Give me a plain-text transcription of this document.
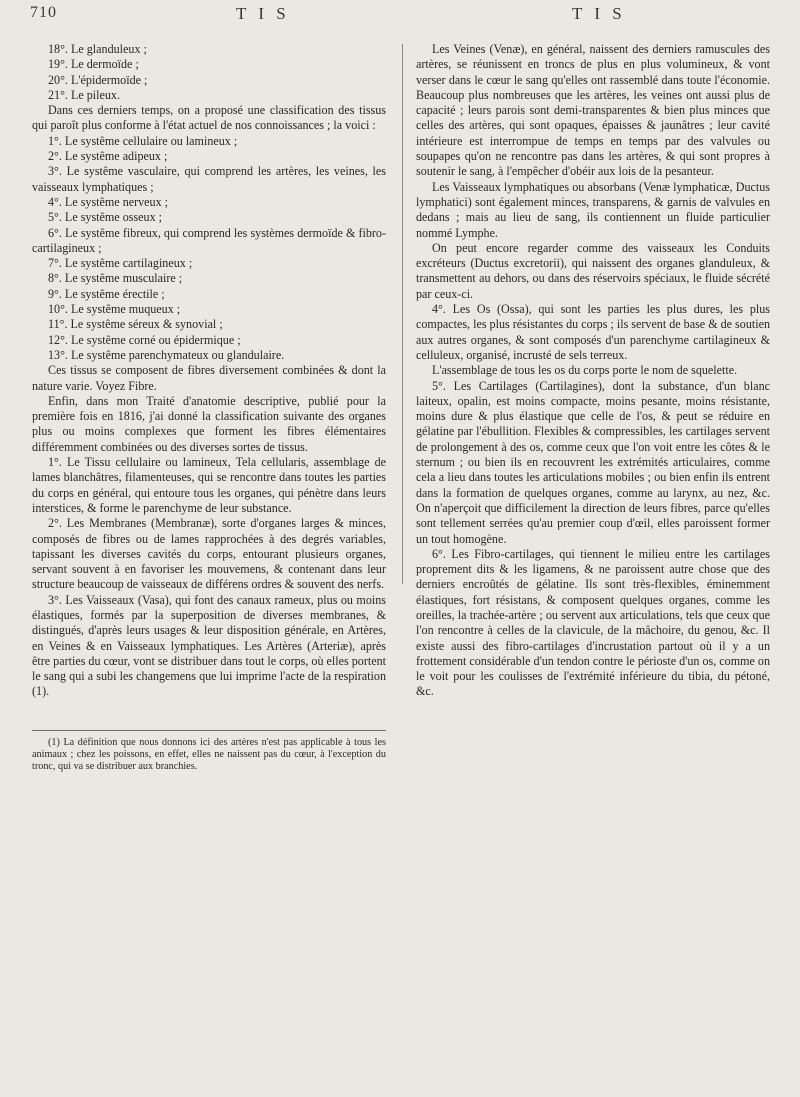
710	T I S	T I S

18°. Le glanduleux ;

19°. Le dermoïde ;

20°. L'épidermoïde ;

21°. Le pileux.

Dans ces derniers temps, on a proposé une classification des tissus qui paroît plus conforme à l'état actuel de nos connoissances ; la voici :

1°. Le systême cellulaire ou lamineux ;

2°. Le systême adipeux ;

3°. Le systême vasculaire, qui comprend les artères, les veines, les vaisseaux lymphatiques ;

4°. Le systême nerveux ;

5°. Le systême osseux ;

6°. Le systême fibreux, qui comprend les systèmes dermoïde & fibro-cartilagineux ;

7°. Le systême cartilagineux ;

8°. Le systême musculaire ;

9°. Le systême érectile ;

10°. Le systême muqueux ;

11°. Le systême séreux & synovial ;

12°. Le systême corné ou épidermique ;

13°. Le systême parenchymateux ou glandulaire.

Ces tissus se composent de fibres diversement combinées & dont la nature varie. Voyez Fibre.

Enfin, dans mon Traité d'anatomie descriptive, publié pour la première fois en 1816, j'ai donné la classification suivante des organes plus ou moins complexes que forment les fibres élémentaires différemment combinées ou des diverses sortes de tissus.

1°. Le Tissu cellulaire ou lamineux, Tela cellularis, assemblage de lames blanchâtres, filamenteuses, qui se rencontre dans toutes les parties du corps en général, qui entoure tous les organes, qui pénètre dans leurs interstices, & forme le parenchyme de leur substance.

2°. Les Membranes (Membranæ), sorte d'organes larges & minces, composés de fibres ou de lames rapprochées à des degrés variables, tapissant les diverses cavités du corps, entourant plusieurs organes, servant souvent à en favoriser les mouvemens, & contenant dans leur structure beaucoup de vaisseaux de différens ordres & souvent des nerfs.

3°. Les Vaisseaux (Vasa), qui font des canaux rameux, plus ou moins élastiques, formés par la superposition de diverses membranes, & distingués, d'après leurs usages & leur disposition générale, en Artères, en Veines & en Vaisseaux lymphatiques. Les Artères (Arteriæ), après être parties du cœur, vont se distribuer dans tout le corps, où elles portent le sang qui a subi les changemens que lui imprime l'acte de la respiration (1).

(1) La définition que nous donnons ici des artères n'est pas applicable à tous les animaux ; chez les poissons, en effet, elles ne naissent pas du cœur, à l'exception du tronc, qui va se distribuer aux branchies.

Les Veines (Venæ), en général, naissent des derniers ramuscules des artères, se réunissent en troncs de plus en plus volumineux, & vont verser dans le cœur le sang qu'elles ont rassemblé dans toute l'économie. Beaucoup plus nombreuses que les artères, les veines ont aussi plus de capacité ; leurs parois sont demi-transparentes & bien plus minces que celles des artères, qui sont opaques, épaisses & jaunâtres ; leur cavité intérieure est interrompue de temps en temps par des valvules ou soupapes qu'on ne rencontre pas dans les artères, & qui sont propres à soutenir le sang, à l'empêcher d'obéir aux lois de la pesanteur.

Les Vaisseaux lymphatiques ou absorbans (Venæ lymphaticæ, Ductus lymphatici) sont également minces, transparens, & garnis de valvules en dedans ; mais au lieu de sang, ils contiennent un fluide particulier nommé Lymphe.

On peut encore regarder comme des vaisseaux les Conduits excréteurs (Ductus excretorii), qui naissent des organes glanduleux, & transmettent au dehors, ou dans des réservoirs spéciaux, le fluide sécrété par ceux-ci.

4°. Les Os (Ossa), qui sont les parties les plus dures, les plus compactes, les plus résistantes du corps ; ils servent de base & de soutien aux autres organes, & sont composés d'un parenchyme cartilagineux & celluleux, organisé, incrusté de sels terreux.

L'assemblage de tous les os du corps porte le nom de squelette.

5°. Les Cartilages (Cartilagines), dont la substance, d'un blanc laiteux, opalin, est moins compacte, moins pesante, moins résistante, moins dure & plus élastique que celle de l'os, & peut se réduire en gélatine par l'ébullition. Flexibles & compressibles, les cartilages servent de prolongement à des os, comme ceux que l'on voit entre les côtes & le sternum ; ou bien ils en recouvrent les extrémités articulaires, comme cela a lieu dans toutes les articulations mobiles ; ou bien enfin ils entrent dans la formation de quelques organes, comme au larynx, au nez, &c. On n'aperçoit que difficilement la direction de leurs fibres, parce qu'elles sont tellement serrées qu'au premier coup d'œil, elles paroissent former un tout homogène.

6°. Les Fibro-cartilages, qui tiennent le milieu entre les cartilages proprement dits & les ligamens, & ne paroissent autre chose que des derniers encroûtés de gélatine. Ils sont très-flexibles, éminemment élastiques, fort résistans, & composent quelques organes, comme les oreilles, la trachée-artère ; ou servent aux articulations, tels que ceux que l'on rencontre à celles de la clavicule, de la mâchoire, du genou, &c. Il existe aussi des fibro-cartilages d'incrustation partout où il y a un frottement considérable d'un tendon contre le périoste d'un os, comme on le voit pour les coulisses de l'extrémité inférieure du tibia, du pétoné, &c.
